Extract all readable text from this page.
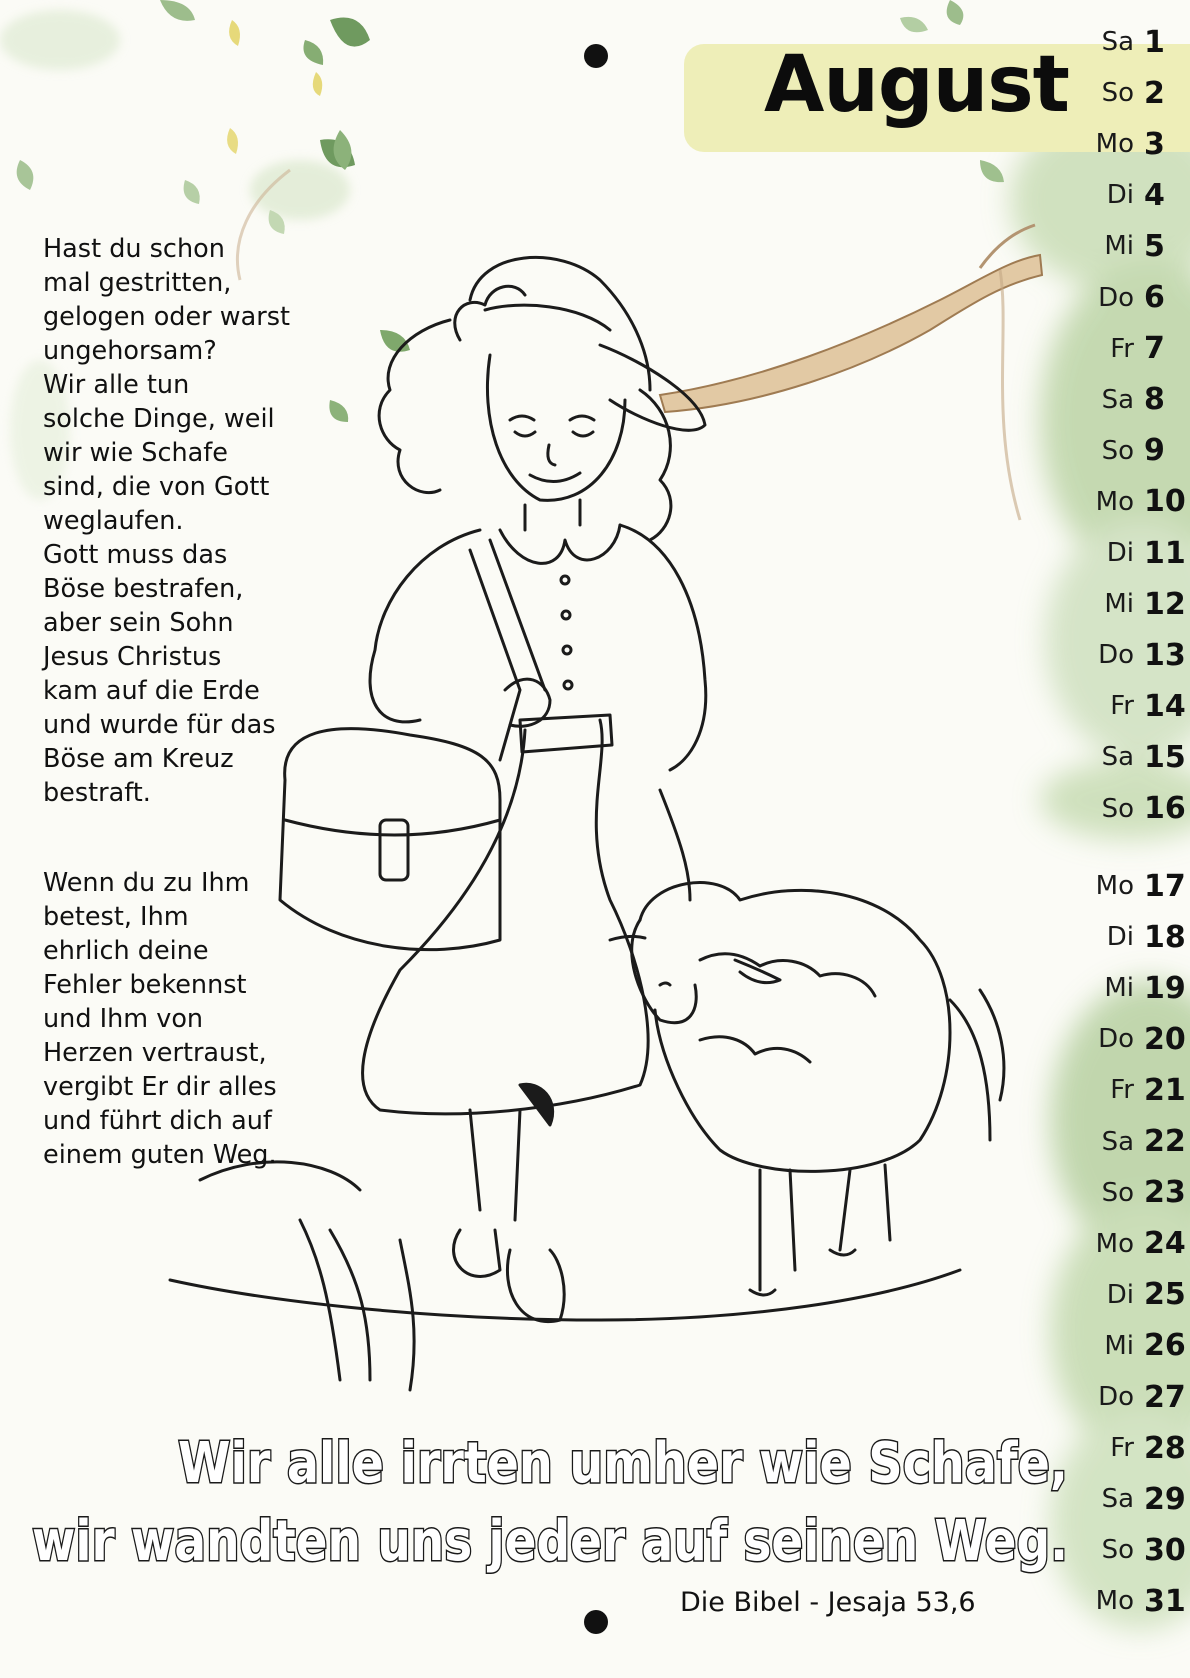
August	Sa 1
So 2
Mo 3
Di 4
Mi 5
Do 6
Fr 7
Sa 8
So 9
Mo 10
Di 11
Mi 12
Do 13
Fr 14
Sa 15
So 16
Mo 17
Di 18
Mi 19
Do 20
Fr 21
Sa 22
So 23
Mo 24
Di 25
Mi 26
Do 27
Fr 28
Sa 29
So 30
Mo 31
Hast du schon
mal gestritten,
gelogen oder warst
ungehorsam?
Wir alle tun
solche Dinge, weil
wir wie Schafe
sind, die von Gott
weglaufen.
Gott muss das
Böse bestrafen,
aber sein Sohn
Jesus Christus
kam auf die Erde
und wurde für das
Böse am Kreuz
bestraft.
Wenn du zu Ihm
betest, Ihm
ehrlich deine
Fehler bekennst
und Ihm von
Herzen vertraust,
vergibt Er dir alles
und führt dich auf
einem guten Weg.
Wir alle irrten umher wie Schafe,
wir wandten uns jeder auf seinen Weg.
Die Bibel - Jesaja 53,6
